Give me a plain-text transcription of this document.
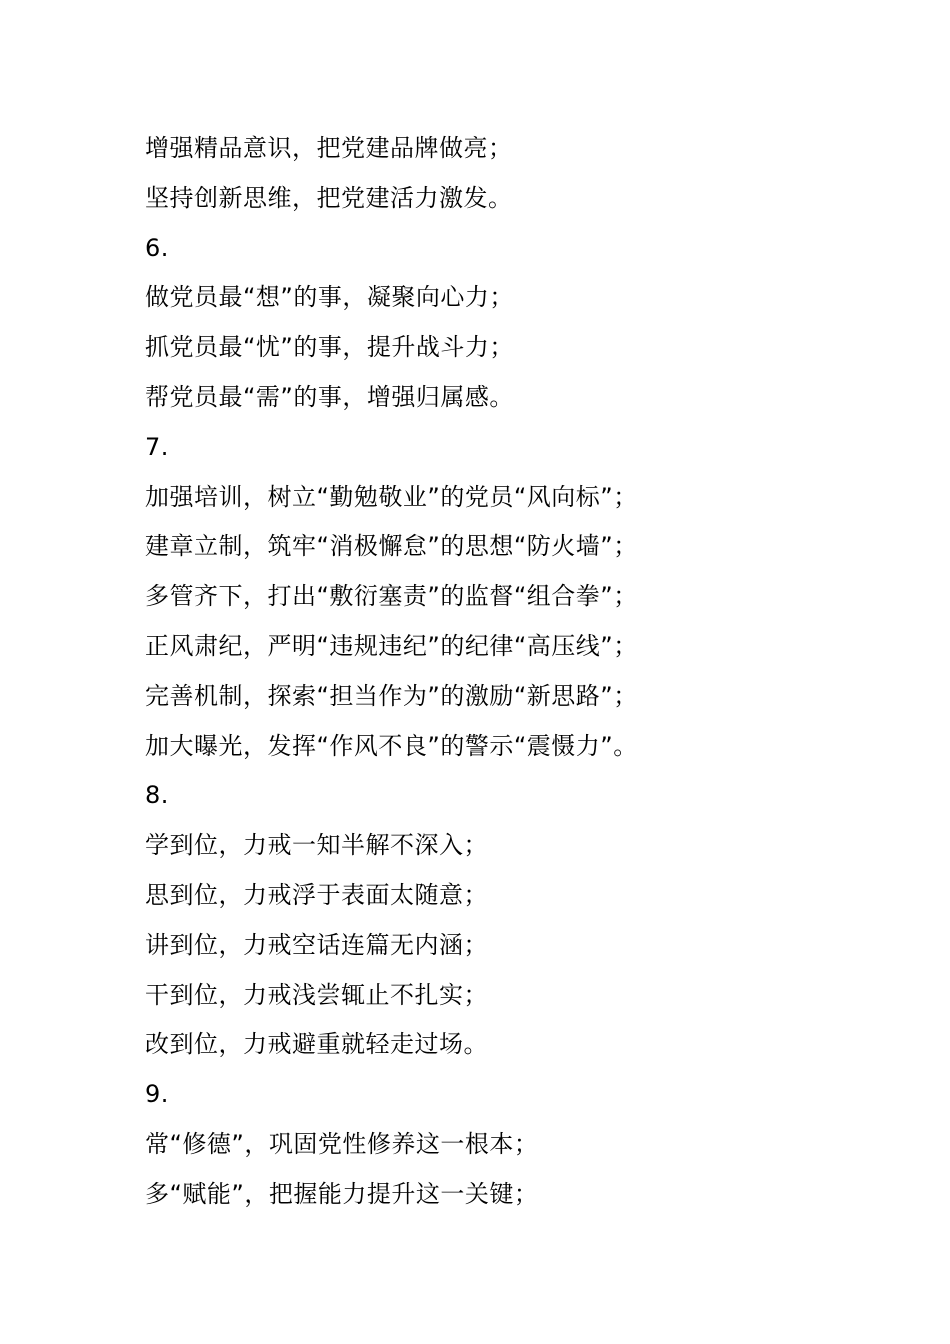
增强精品意识，把党建品牌做亮；
坚持创新思维，把党建活力激发。
6.
做党员最“想”的事，凝聚向心力；
抓党员最“忧”的事，提升战斗力；
帮党员最“需”的事，增强归属感。
7.
加强培训，树立“勤勉敬业”的党员“风向标”；
建章立制，筑牢“消极懈怠”的思想“防火墙”；
多管齐下，打出“敷衍塞责”的监督“组合拳”；
正风肃纪，严明“违规违纪”的纪律“高压线”；
完善机制，探索“担当作为”的激励“新思路”；
加大曝光，发挥“作风不良”的警示“震慑力”。
8.
学到位，力戒一知半解不深入；
思到位，力戒浮于表面太随意；
讲到位，力戒空话连篇无内涵；
干到位，力戒浅尝辄止不扎实；
改到位，力戒避重就轻走过场。
9.
常“修德”，巩固党性修养这一根本；
多“赋能”，把握能力提升这一关键；
